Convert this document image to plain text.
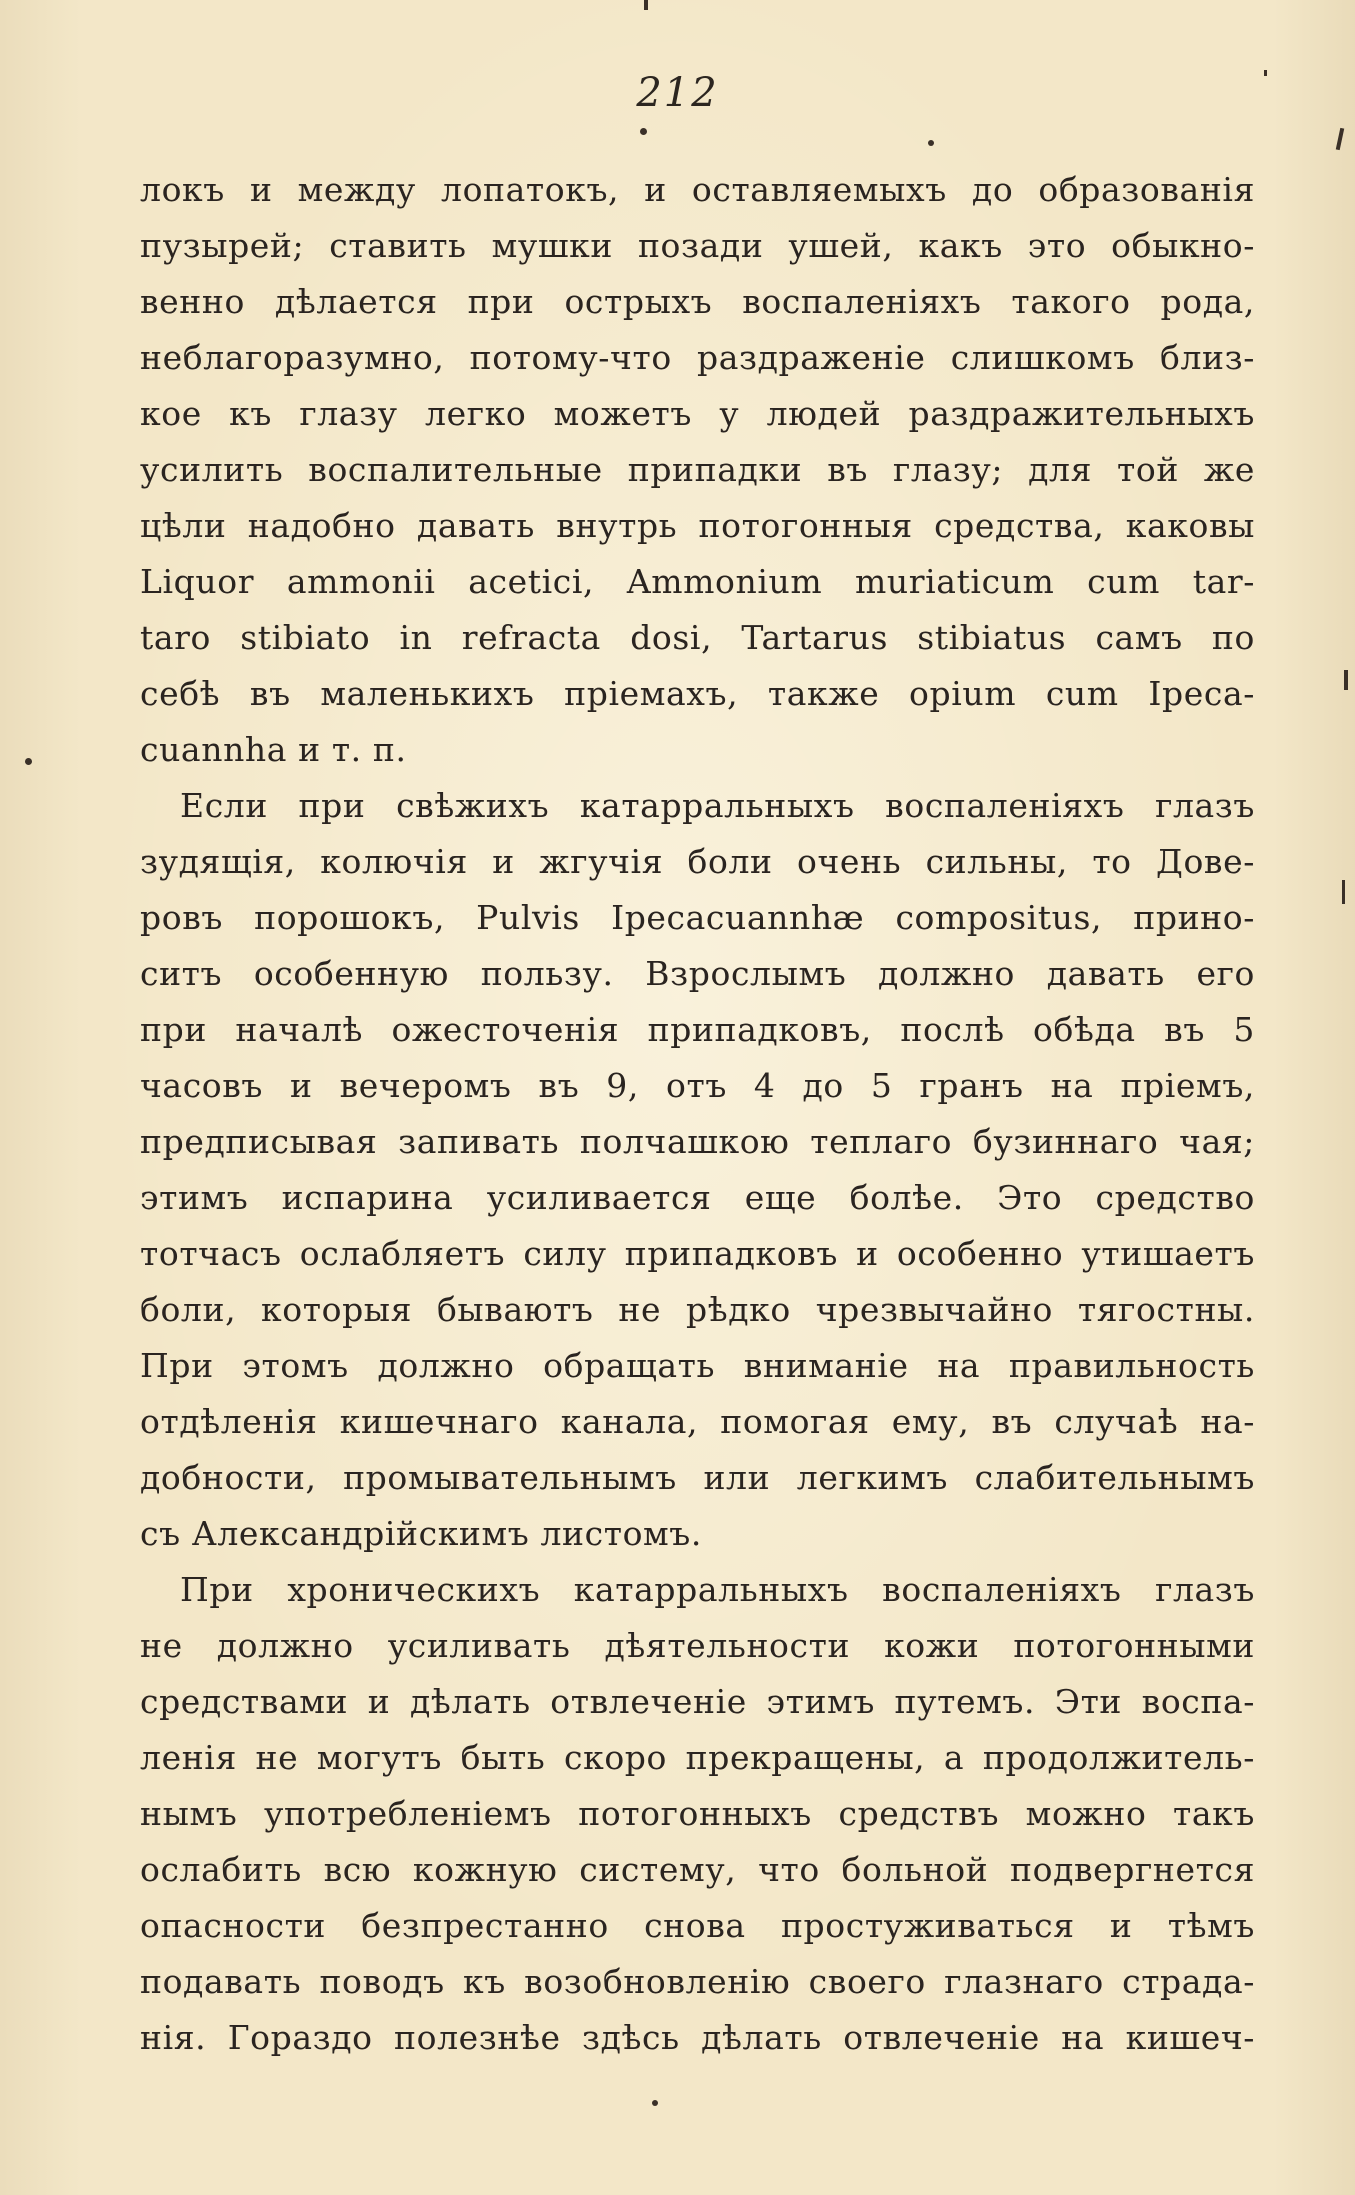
212
локъ и между лопатокъ, и оставляемыхъ до образованія
пузырей; ставить мушки позади ушей, какъ это обыкно-
венно дѣлается при острыхъ воспаленіяхъ такого рода,
неблагоразумно, потому-что раздраженіе слишкомъ близ-
кое къ глазу легко можетъ у людей раздражительныхъ
усилить воспалительные припадки въ глазу; для той же
цѣли надобно давать внутрь потогонныя средства, каковы
Liquor ammonii acetici, Ammonium muriaticum cum tar-
taro stibiato in refracta dosi, Tartarus stibiatus самъ по
себѣ въ маленькихъ пріемахъ, также opium cum Ipeca-
cuannha и т. п.
Если при свѣжихъ катарральныхъ воспаленіяхъ глазъ
зудящія, колючія и жгучія боли очень сильны, то Дове-
ровъ порошокъ, Pulvis Ipecacuannhæ compositus, прино-
ситъ особенную пользу. Взрослымъ должно давать его
при началѣ ожесточенія припадковъ, послѣ обѣда въ 5
часовъ и вечеромъ въ 9, отъ 4 до 5 гранъ на пріемъ,
предписывая запивать полчашкою теплаго бузиннаго чая;
этимъ испарина усиливается еще болѣе. Это средство
тотчасъ ослабляетъ силу припадковъ и особенно утишаетъ
боли, которыя бываютъ не рѣдко чрезвычайно тягостны.
При этомъ должно обращать вниманіе на правильность
отдѣленія кишечнаго канала, помогая ему, въ случаѣ на-
добности, промывательнымъ или легкимъ слабительнымъ
съ Александрійскимъ листомъ.
При хроническихъ катарральныхъ воспаленіяхъ глазъ
не должно усиливать дѣятельности кожи потогонными
средствами и дѣлать отвлеченіе этимъ путемъ. Эти воспа-
ленія не могутъ быть скоро прекращены, а продолжитель-
нымъ употребленіемъ потогонныхъ средствъ можно такъ
ослабить всю кожную систему, что больной подвергнется
опасности безпрестанно снова простуживаться и тѣмъ
подавать поводъ къ возобновленію своего глазнаго страда-
нія. Гораздо полезнѣе здѣсь дѣлать отвлеченіе на кишеч-
